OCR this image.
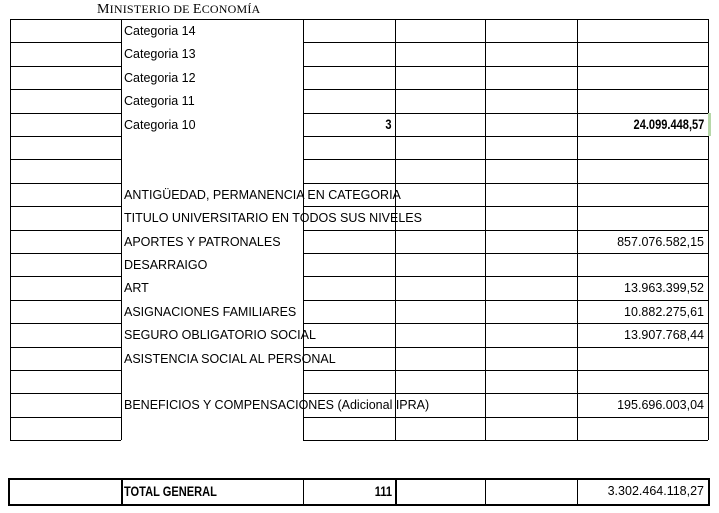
MINISTERIO DE ECONOMÍA
Categoria 14
Categoria 13
Categoria 12
Categoria 11
Categoria 10	3	24.099.448,57
ANTIGÜEDAD, PERMANENCIA EN CATEGORIA
TITULO UNIVERSITARIO EN TODOS SUS NIVELES
APORTES Y PATRONALES	857.076.582,15
DESARRAIGO
ART	13.963.399,52
ASIGNACIONES FAMILIARES	10.882.275,61
SEGURO OBLIGATORIO SOCIAL	13.907.768,44
ASISTENCIA SOCIAL AL PERSONAL
BENEFICIOS Y COMPENSACIONES (Adicional IPRA)	195.696.003,04
TOTAL GENERAL	111	3.302.464.118,27
